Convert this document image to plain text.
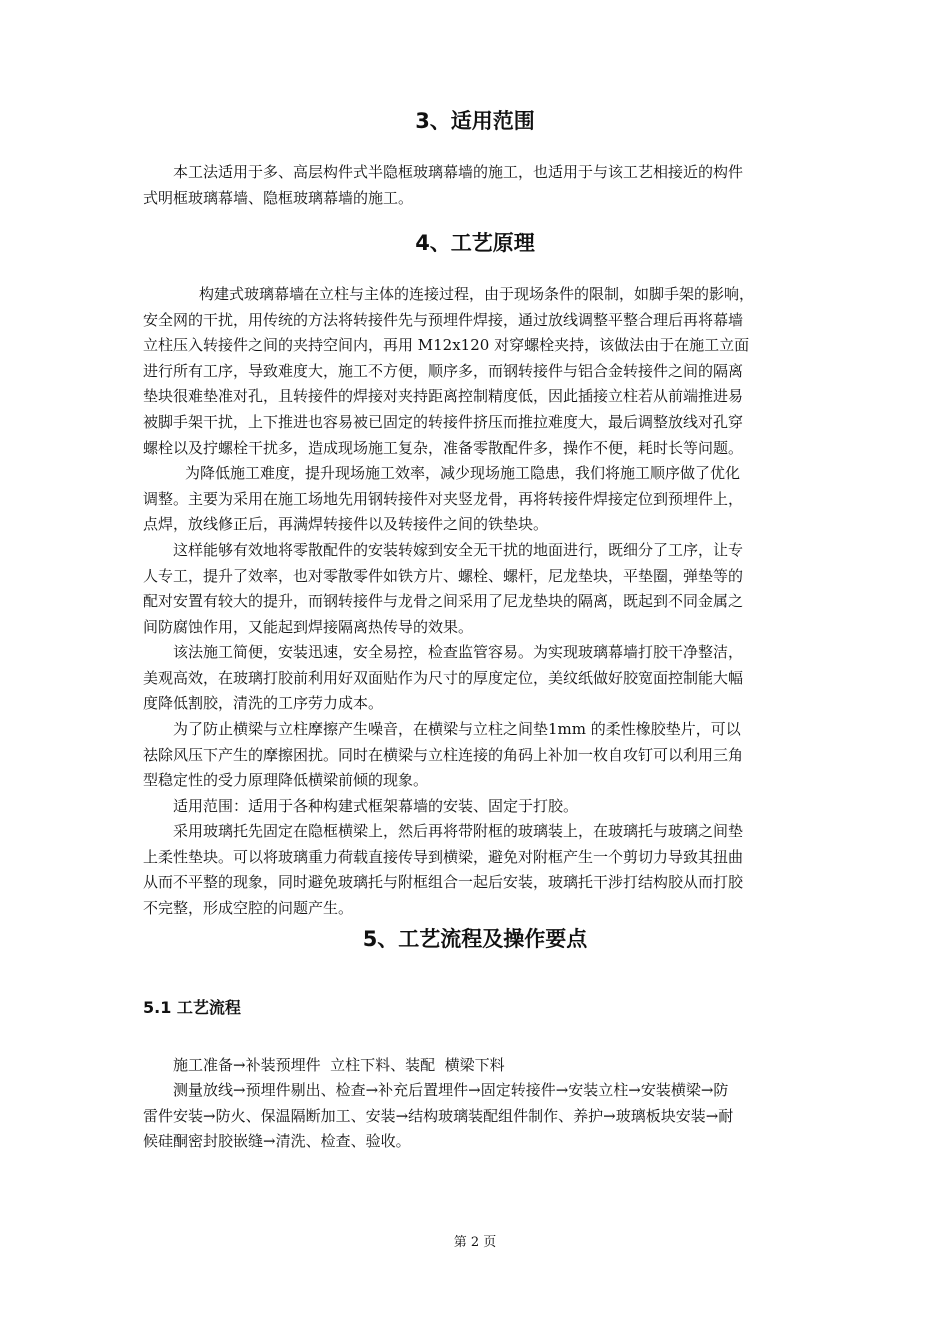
3、适用范围
本工法适用于多、高层构件式半隐框玻璃幕墙的施工，也适用于与该工艺相接近的构件
式明框玻璃幕墙、隐框玻璃幕墙的施工。
4、工艺原理
构建式玻璃幕墙在立柱与主体的连接过程，由于现场条件的限制，如脚手架的影响，
安全网的干扰，用传统的方法将转接件先与预埋件焊接，通过放线调整平整合理后再将幕墙
立柱压入转接件之间的夹持空间内，再用 M12x120 对穿螺栓夹持，该做法由于在施工立面
进行所有工序，导致难度大，施工不方便，顺序多，而钢转接件与铝合金转接件之间的隔离
垫块很难垫准对孔，且转接件的焊接对夹持距离控制精度低，因此插接立柱若从前端推进易
被脚手架干扰，上下推进也容易被已固定的转接件挤压而推拉难度大，最后调整放线对孔穿
螺栓以及拧螺栓干扰多，造成现场施工复杂，准备零散配件多，操作不便，耗时长等问题。
为降低施工难度，提升现场施工效率，减少现场施工隐患，我们将施工顺序做了优化
调整。主要为采用在施工场地先用钢转接件对夹竖龙骨，再将转接件焊接定位到预埋件上，
点焊，放线修正后，再满焊转接件以及转接件之间的铁垫块。
这样能够有效地将零散配件的安装转嫁到安全无干扰的地面进行，既细分了工序，让专
人专工，提升了效率，也对零散零件如铁方片、螺栓、螺杆，尼龙垫块，平垫圈，弹垫等的
配对安置有较大的提升，而钢转接件与龙骨之间采用了尼龙垫块的隔离，既起到不同金属之
间防腐蚀作用，又能起到焊接隔离热传导的效果。
该法施工简便，安装迅速，安全易控，检查监管容易。为实现玻璃幕墙打胶干净整洁，
美观高效，在玻璃打胶前利用好双面贴作为尺寸的厚度定位，美纹纸做好胶宽面控制能大幅
度降低割胶，清洗的工序劳力成本。
为了防止横梁与立柱摩擦产生噪音，在横梁与立柱之间垫1mm 的柔性橡胶垫片，可以
祛除风压下产生的摩擦困扰。同时在横梁与立柱连接的角码上补加一枚自攻钉可以利用三角
型稳定性的受力原理降低横梁前倾的现象。
适用范围：适用于各种构建式框架幕墙的安装、固定于打胶。
采用玻璃托先固定在隐框横梁上，然后再将带附框的玻璃装上，在玻璃托与玻璃之间垫
上柔性垫块。可以将玻璃重力荷载直接传导到横梁，避免对附框产生一个剪切力导致其扭曲
从而不平整的现象，同时避免玻璃托与附框组合一起后安装，玻璃托干涉打结构胶从而打胶
不完整，形成空腔的问题产生。
5、工艺流程及操作要点
5.1 工艺流程
施工准备→补装预埋件  立柱下料、装配  横梁下料
测量放线→预埋件剔出、检查→补充后置埋件→固定转接件→安装立柱→安装横梁→防
雷件安装→防火、保温隔断加工、安装→结构玻璃装配组件制作、养护→玻璃板块安装→耐
候硅酮密封胶嵌缝→清洗、检查、验收。
第 2 页
